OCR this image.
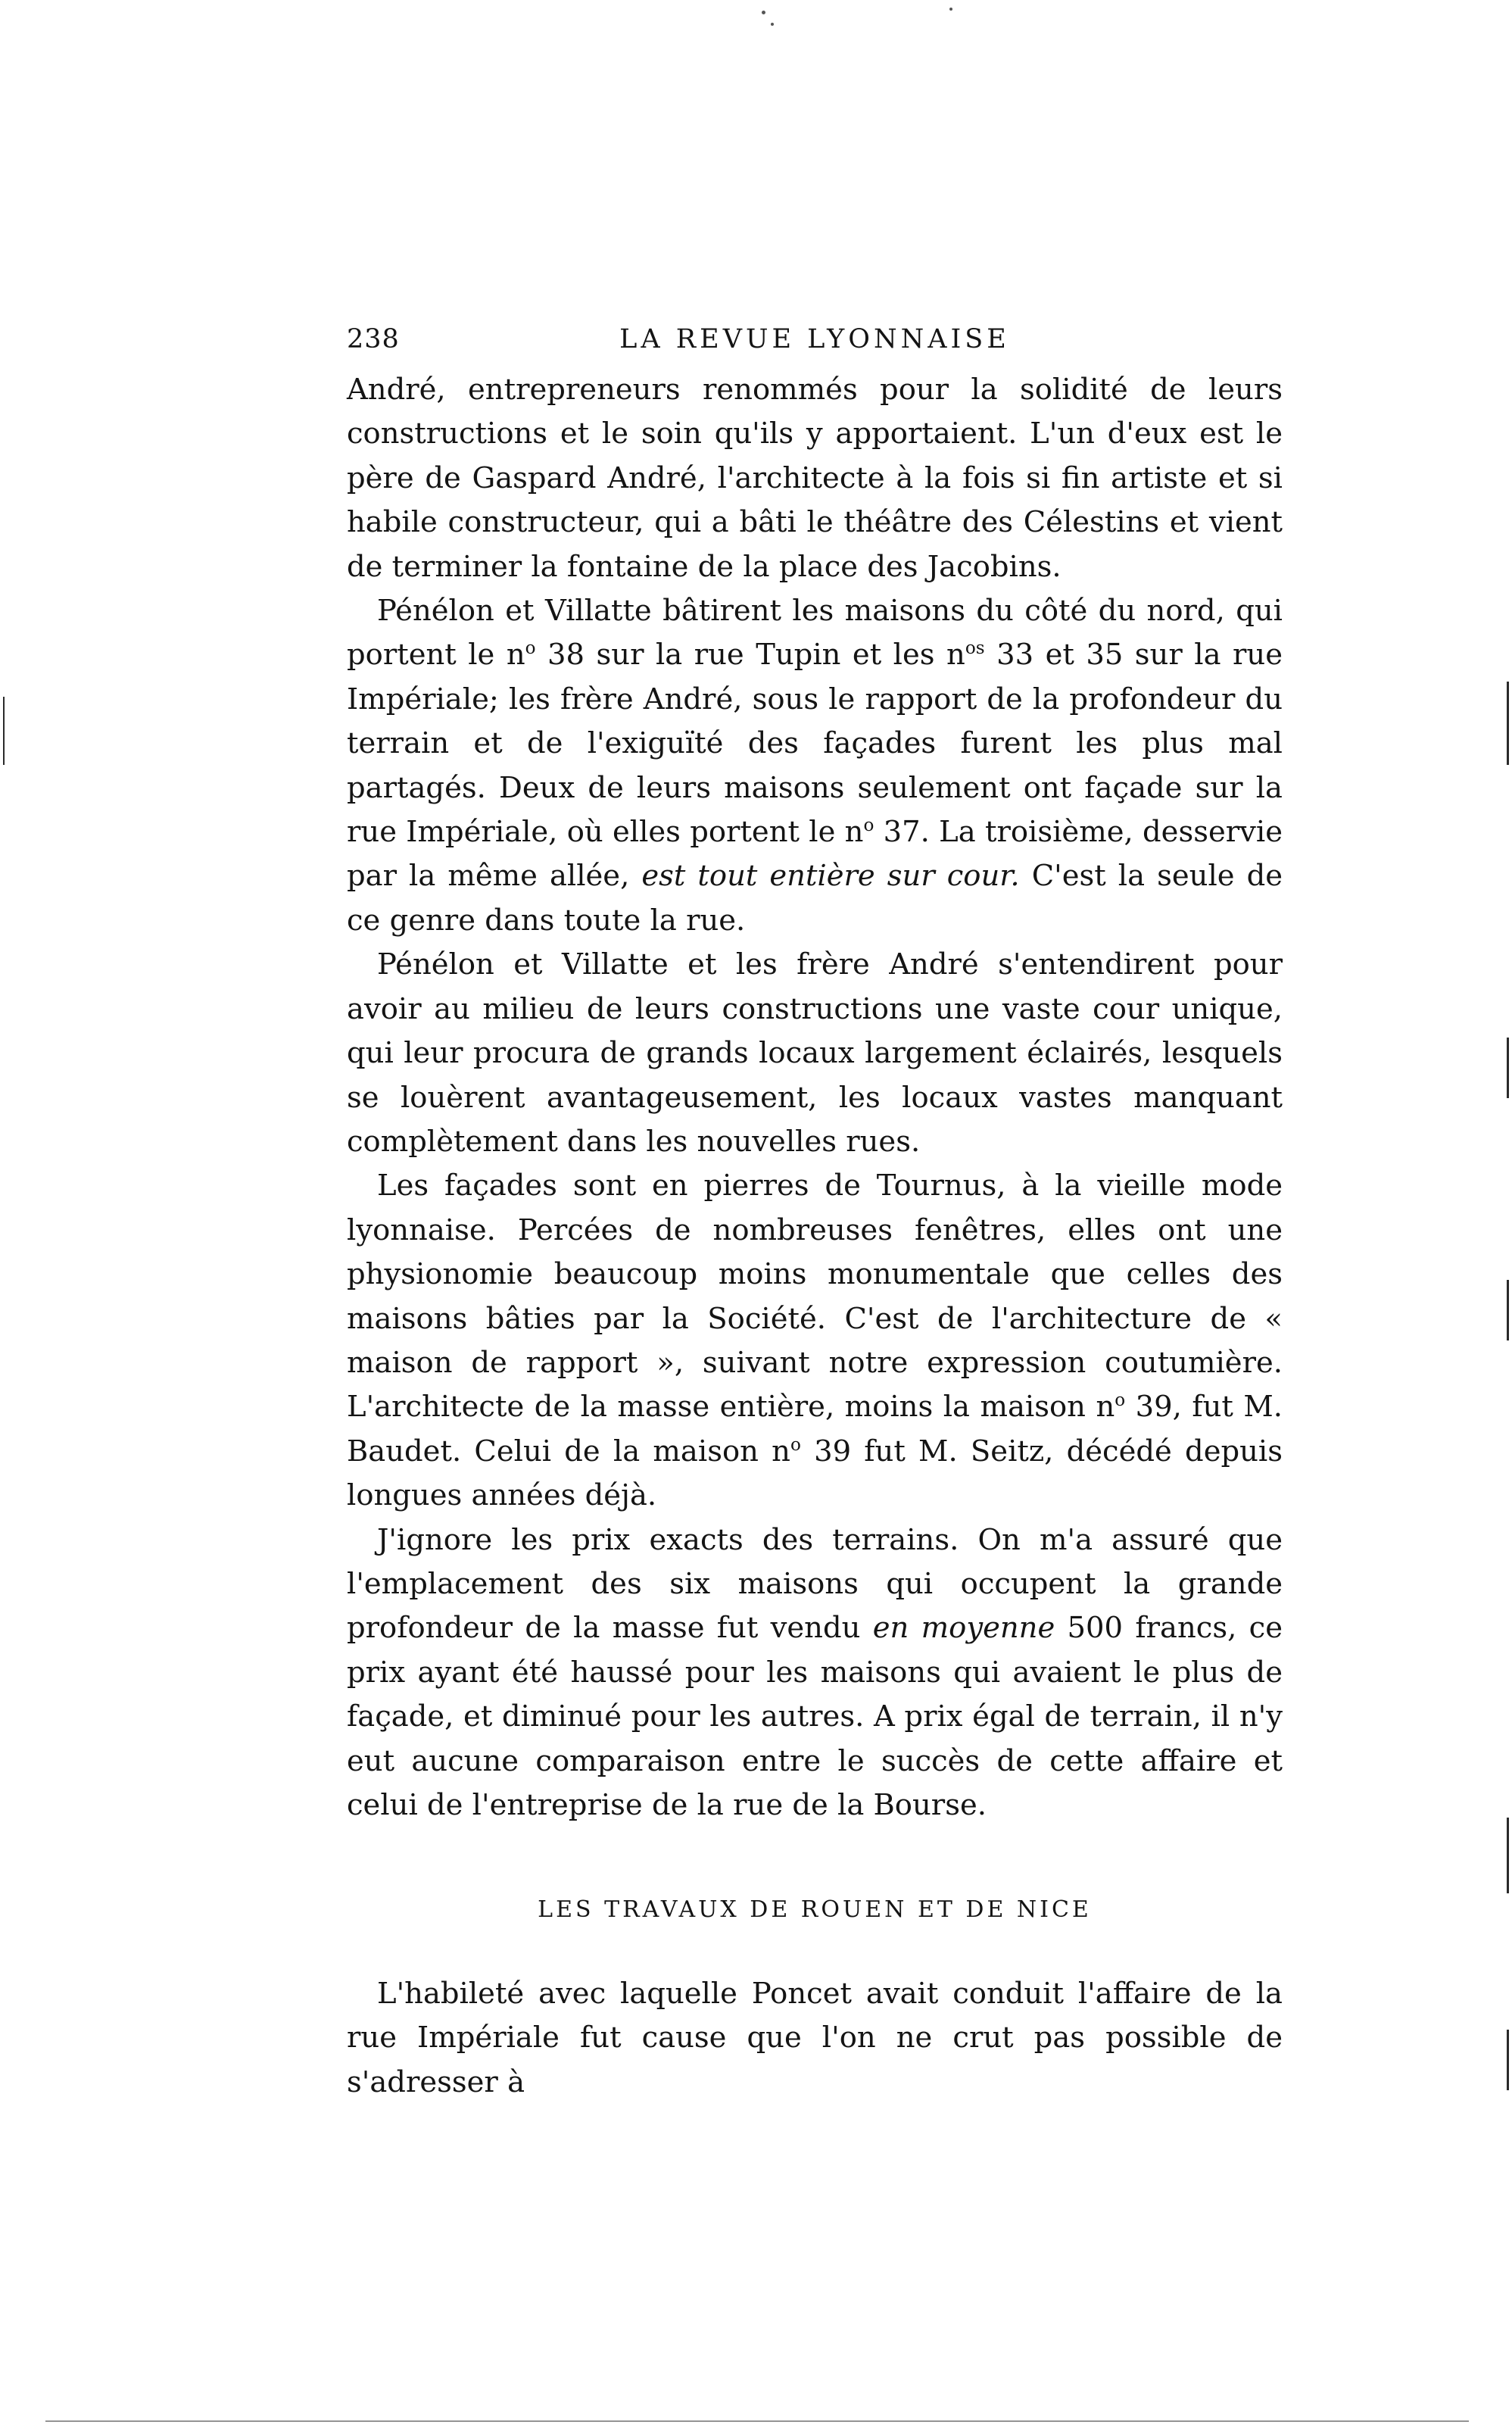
238	LA REVUE LYONNAISE

André, entrepreneurs renommés pour la solidité de leurs constructions et le soin qu'ils y apportaient. L'un d'eux est le père de Gaspard André, l'architecte à la fois si fin artiste et si habile constructeur, qui a bâti le théâtre des Célestins et vient de terminer la fontaine de la place des Jacobins.

Pénélon et Villatte bâtirent les maisons du côté du nord, qui portent le $n^o$ 38 sur la rue Tupin et les $n^{os}$ 33 et 35 sur la rue Impériale; les frère André, sous le rapport de la profondeur du terrain et de l'exiguïté des façades furent les plus mal partagés. Deux de leurs maisons seulement ont façade sur la rue Impériale, où elles portent le $n^o$ 37. La troisième, desservie par la même allée, est tout entière sur cour. C'est la seule de ce genre dans toute la rue.

Pénélon et Villatte et les frère André s'entendirent pour avoir au milieu de leurs constructions une vaste cour unique, qui leur procura de grands locaux largement éclairés, lesquels se louèrent avantageusement, les locaux vastes manquant complètement dans les nouvelles rues.

Les façades sont en pierres de Tournus, à la vieille mode lyonnaise. Percées de nombreuses fenêtres, elles ont une physionomie beaucoup moins monumentale que celles des maisons bâties par la Société. C'est de l'architecture de « maison de rapport », suivant notre expression coutumière. L'architecte de la masse entière, moins la maison $n^o$ 39, fut M. Baudet. Celui de la maison $n^o$ 39 fut M. Seitz, décédé depuis longues années déjà.

J'ignore les prix exacts des terrains. On m'a assuré que l'emplacement des six maisons qui occupent la grande profondeur de la masse fut vendu en moyenne 500 francs, ce prix ayant été haussé pour les maisons qui avaient le plus de façade, et diminué pour les autres. A prix égal de terrain, il n'y eut aucune comparaison entre le succès de cette affaire et celui de l'entreprise de la rue de la Bourse.

LES TRAVAUX DE ROUEN ET DE NICE

L'habileté avec laquelle Poncet avait conduit l'affaire de la rue Impériale fut cause que l'on ne crut pas possible de s'adresser à
